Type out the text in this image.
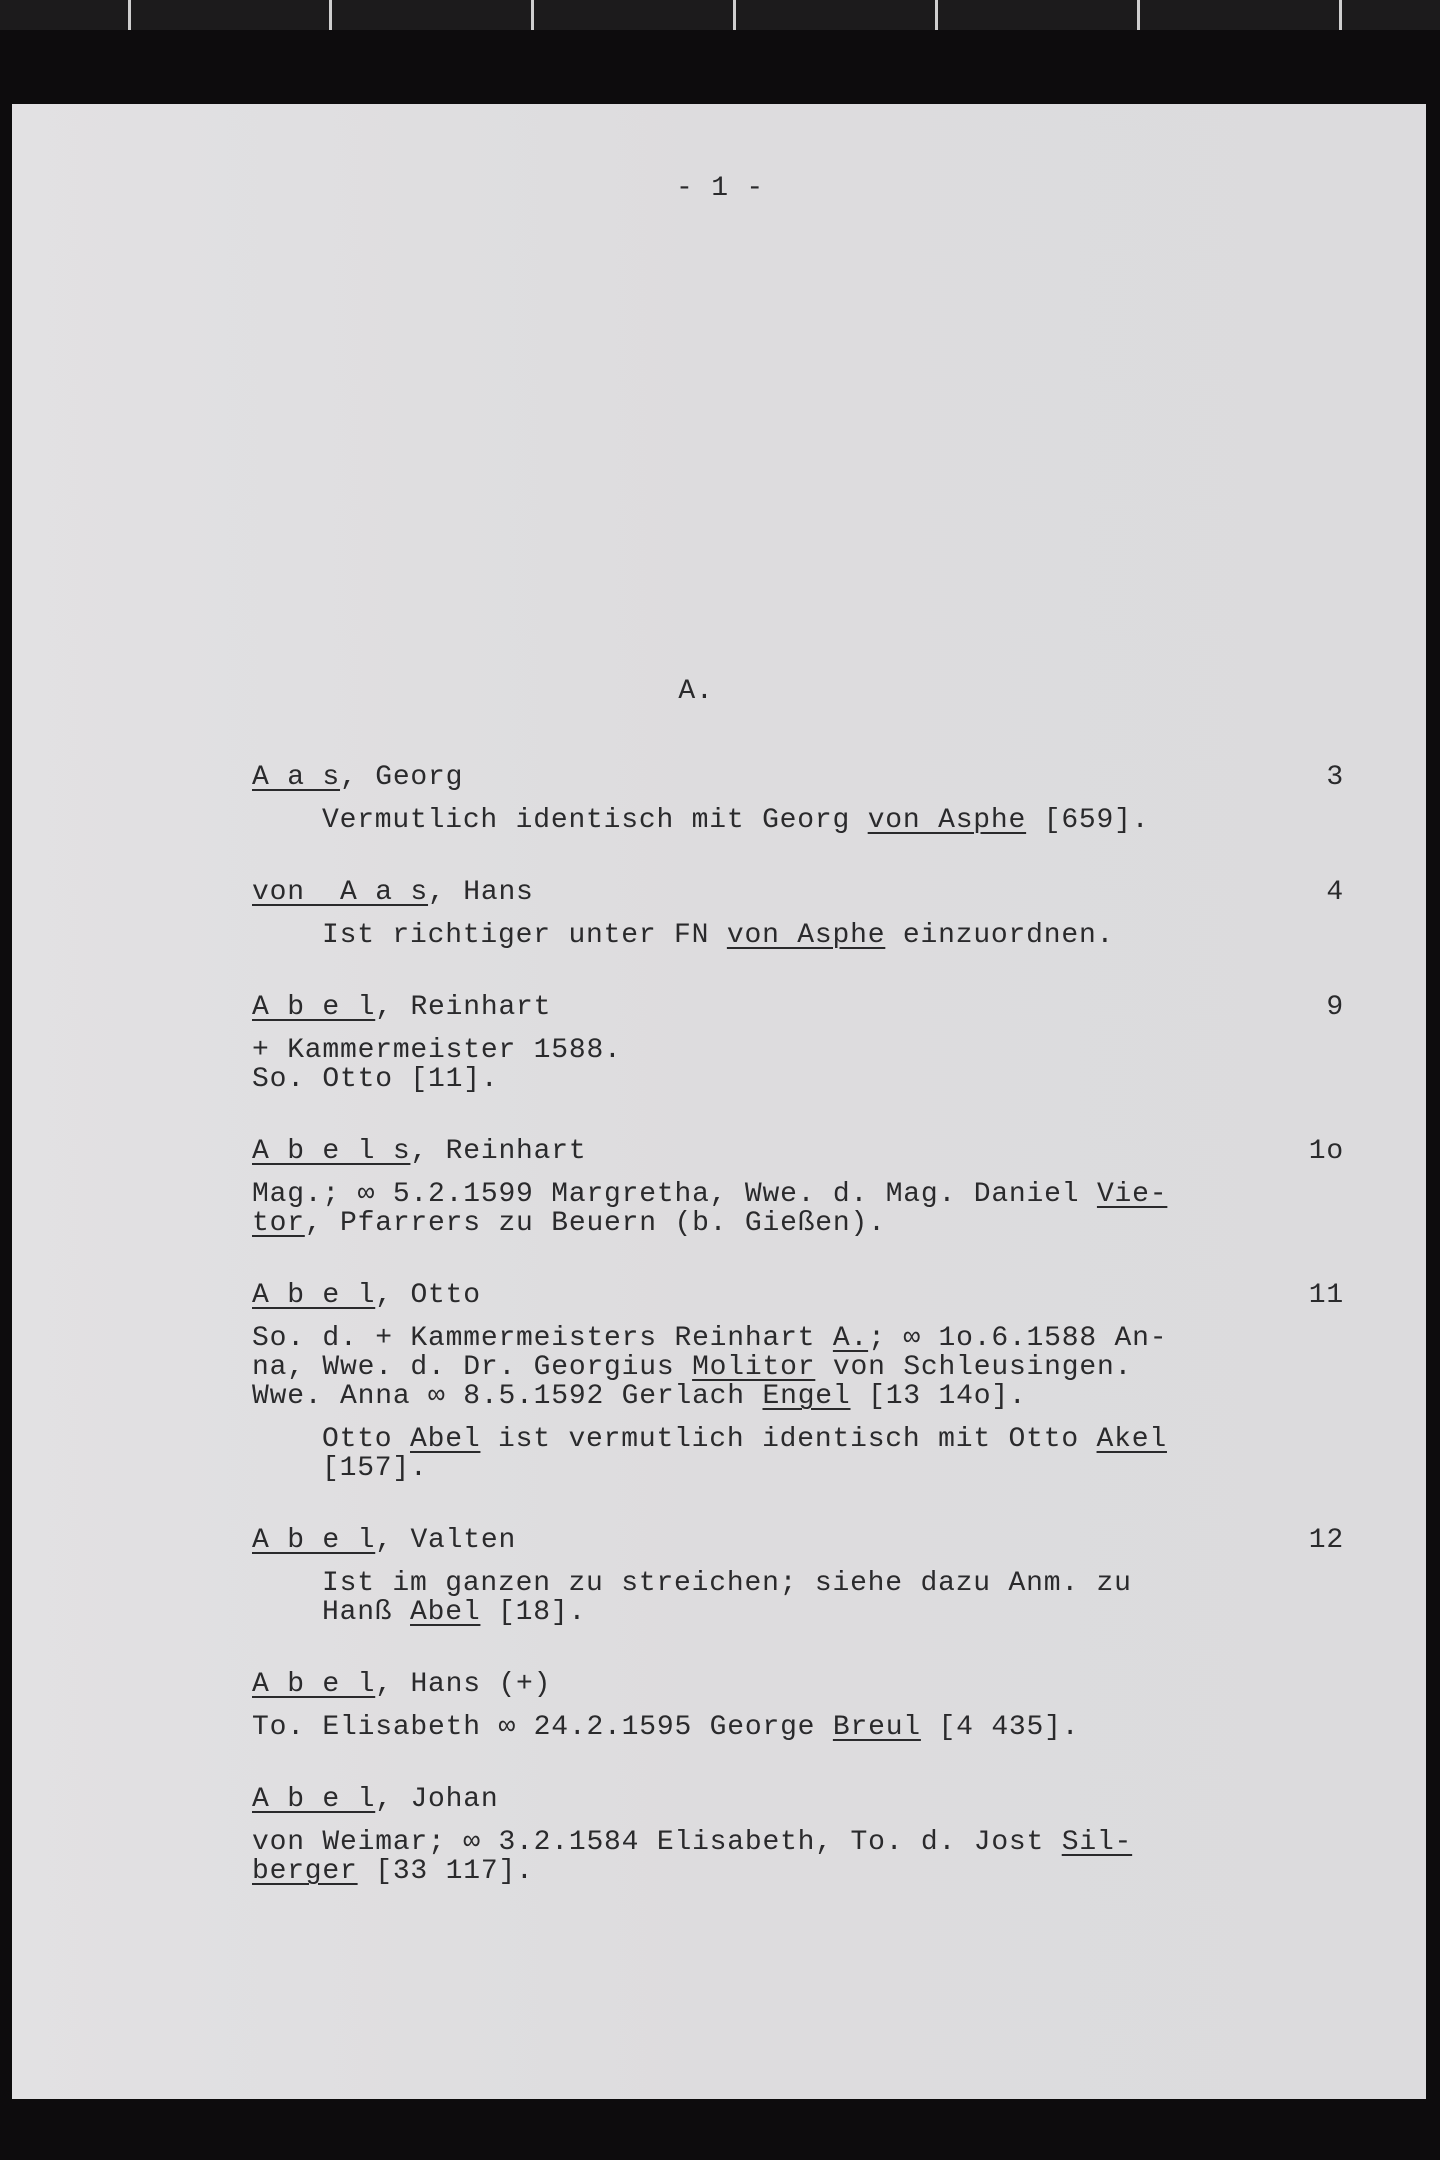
- 1 -
A.
A a s, Georg	3
Vermutlich identisch mit Georg von Asphe [659].
von  A a s, Hans	4
Ist richtiger unter FN von Asphe einzuordnen.
A b e l, Reinhart	9
+ Kammermeister 1588.
So. Otto [11].
A b e l s, Reinhart	1o
Mag.; ∞ 5.2.1599 Margretha, Wwe. d. Mag. Daniel Vie-
tor, Pfarrers zu Beuern (b. Gießen).
A b e l, Otto	11
So. d. + Kammermeisters Reinhart A.; ∞ 1o.6.1588 An-
na, Wwe. d. Dr. Georgius Molitor von Schleusingen.
Wwe. Anna ∞ 8.5.1592 Gerlach Engel [13 14o].
Otto Abel ist vermutlich identisch mit Otto Akel
[157].
A b e l, Valten	12
Ist im ganzen zu streichen; siehe dazu Anm. zu
Hanß Abel [18].
A b e l, Hans (+)
To. Elisabeth ∞ 24.2.1595 George Breul [4 435].
A b e l, Johan
von Weimar; ∞ 3.2.1584 Elisabeth, To. d. Jost Sil-
berger [33 117].
